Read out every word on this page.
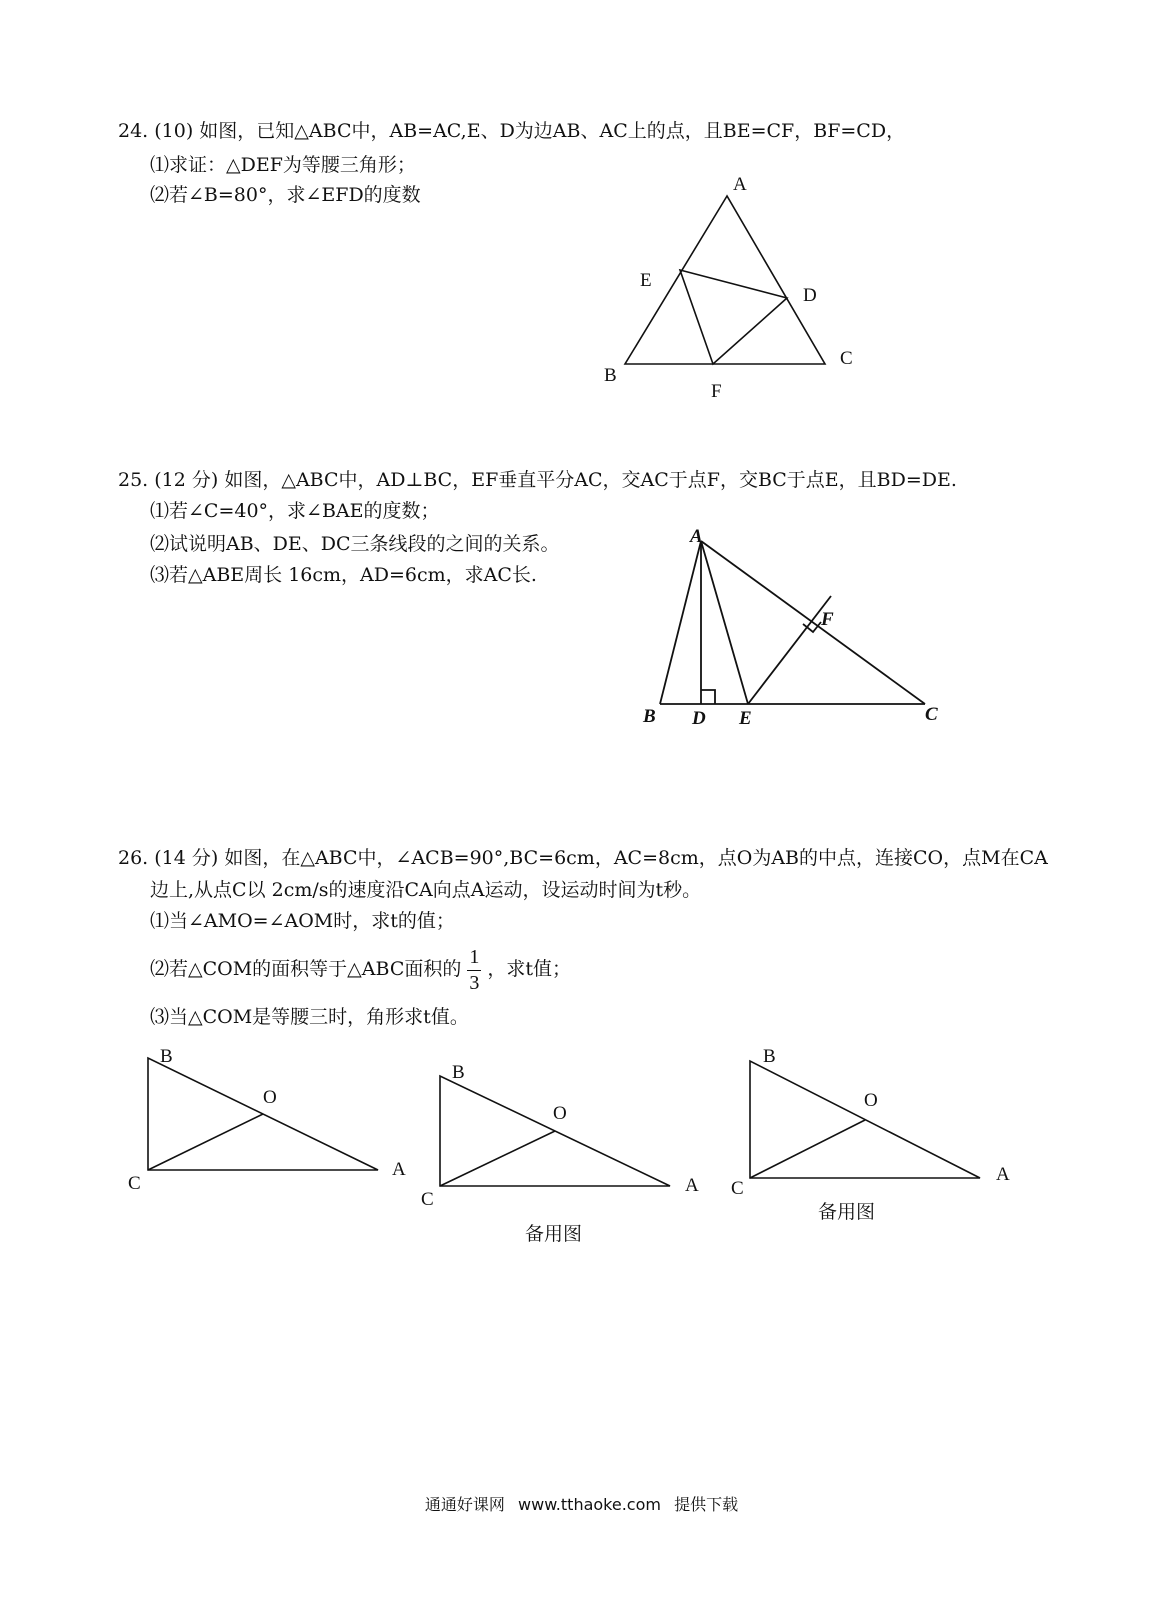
24. (10) 如图，已知△ABC中，AB=AC,E、D为边AB、AC上的点，且BE=CF，BF=CD，
⑴求证：△DEF为等腰三角形；
⑵若∠B=80°，求∠EFD的度数	A
E
D
B
C
F
25. (12 分) 如图，△ABC中，AD⊥BC，EF垂直平分AC，交AC于点F，交BC于点E，且BD=DE.
⑴若∠C=40°，求∠BAE的度数；
⑵试说明AB、DE、DC三条线段的之间的关系。
⑶若△ABE周长 16cm，AD=6cm，求AC长.
A
F
B D E	C
26. (14 分) 如图，在△ABC中，∠ACB=90°,BC=6cm，AC=8cm，点O为AB的中点，连接CO，点M在CA
边上,从点C以 2cm/s的速度沿CA向点A运动，设运动时间为t秒。
⑴当∠AMO=∠AOM时，求t的值；
⑵若△COM的面积等于△ABC面积的 $\frac{1}{3}$ ，求t值；
⑶当△COM是等腰三时，角形求t值。
B
O
C
A
B
O
C
A
备用图
B
O
C
A
备用图
通通好课网 www.tthaoke.com 提供下载
